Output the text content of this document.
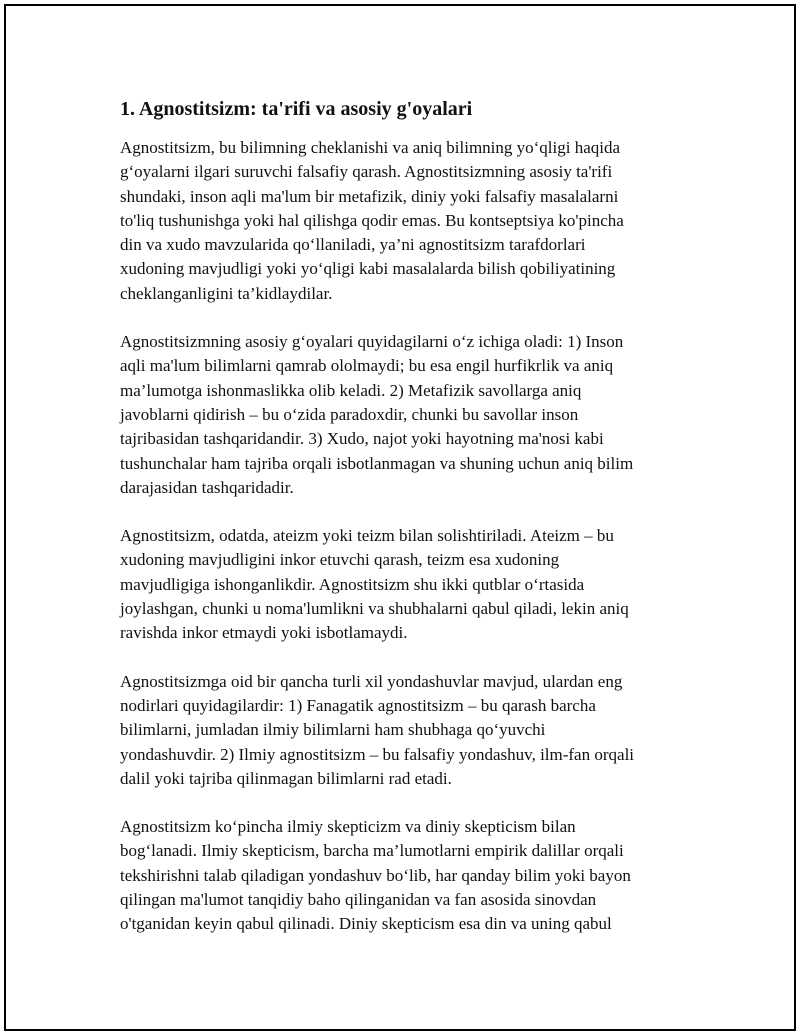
1. Agnostitsizm: ta'rifi va asosiy g'oyalari

Agnostitsizm, bu bilimning cheklanishi va aniq bilimning yo‘qligi haqida
g‘oyalarni ilgari suruvchi falsafiy qarash. Agnostitsizmning asosiy ta'rifi
shundaki, inson aqli ma'lum bir metafizik, diniy yoki falsafiy masalalarni
to'liq tushunishga yoki hal qilishga qodir emas. Bu kontseptsiya ko'pincha
din va xudo mavzularida qo‘llaniladi, ya’ni agnostitsizm tarafdorlari
xudoning mavjudligi yoki yo‘qligi kabi masalalarda bilish qobiliyatining
cheklanganligini ta’kidlaydilar.

Agnostitsizmning asosiy g‘oyalari quyidagilarni o‘z ichiga oladi: 1) Inson
aqli ma'lum bilimlarni qamrab ololmaydi; bu esa engil hurfikrlik va aniq
ma’lumotga ishonmaslikka olib keladi. 2) Metafizik savollarga aniq
javoblarni qidirish – bu o‘zida paradoxdir, chunki bu savollar inson
tajribasidan tashqaridandir. 3) Xudo, najot yoki hayotning ma'nosi kabi
tushunchalar ham tajriba orqali isbotlanmagan va shuning uchun aniq bilim
darajasidan tashqaridadir.

Agnostitsizm, odatda, ateizm yoki teizm bilan solishtiriladi. Ateizm – bu
xudoning mavjudligini inkor etuvchi qarash, teizm esa xudoning
mavjudligiga ishonganlikdir. Agnostitsizm shu ikki qutblar o‘rtasida
joylashgan, chunki u noma'lumlikni va shubhalarni qabul qiladi, lekin aniq
ravishda inkor etmaydi yoki isbotlamaydi.

Agnostitsizmga oid bir qancha turli xil yondashuvlar mavjud, ulardan eng
nodirlari quyidagilardir: 1) Fanagatik agnostitsizm – bu qarash barcha
bilimlarni, jumladan ilmiy bilimlarni ham shubhaga qo‘yuvchi
yondashuvdir. 2) Ilmiy agnostitsizm – bu falsafiy yondashuv, ilm-fan orqali
dalil yoki tajriba qilinmagan bilimlarni rad etadi.

Agnostitsizm ko‘pincha ilmiy skepticizm va diniy skepticism bilan
bog‘lanadi. Ilmiy skepticism, barcha ma’lumotlarni empirik dalillar orqali
tekshirishni talab qiladigan yondashuv bo‘lib, har qanday bilim yoki bayon
qilingan ma'lumot tanqidiy baho qilinganidan va fan asosida sinovdan
o'tganidan keyin qabul qilinadi. Diniy skepticism esa din va uning qabul
